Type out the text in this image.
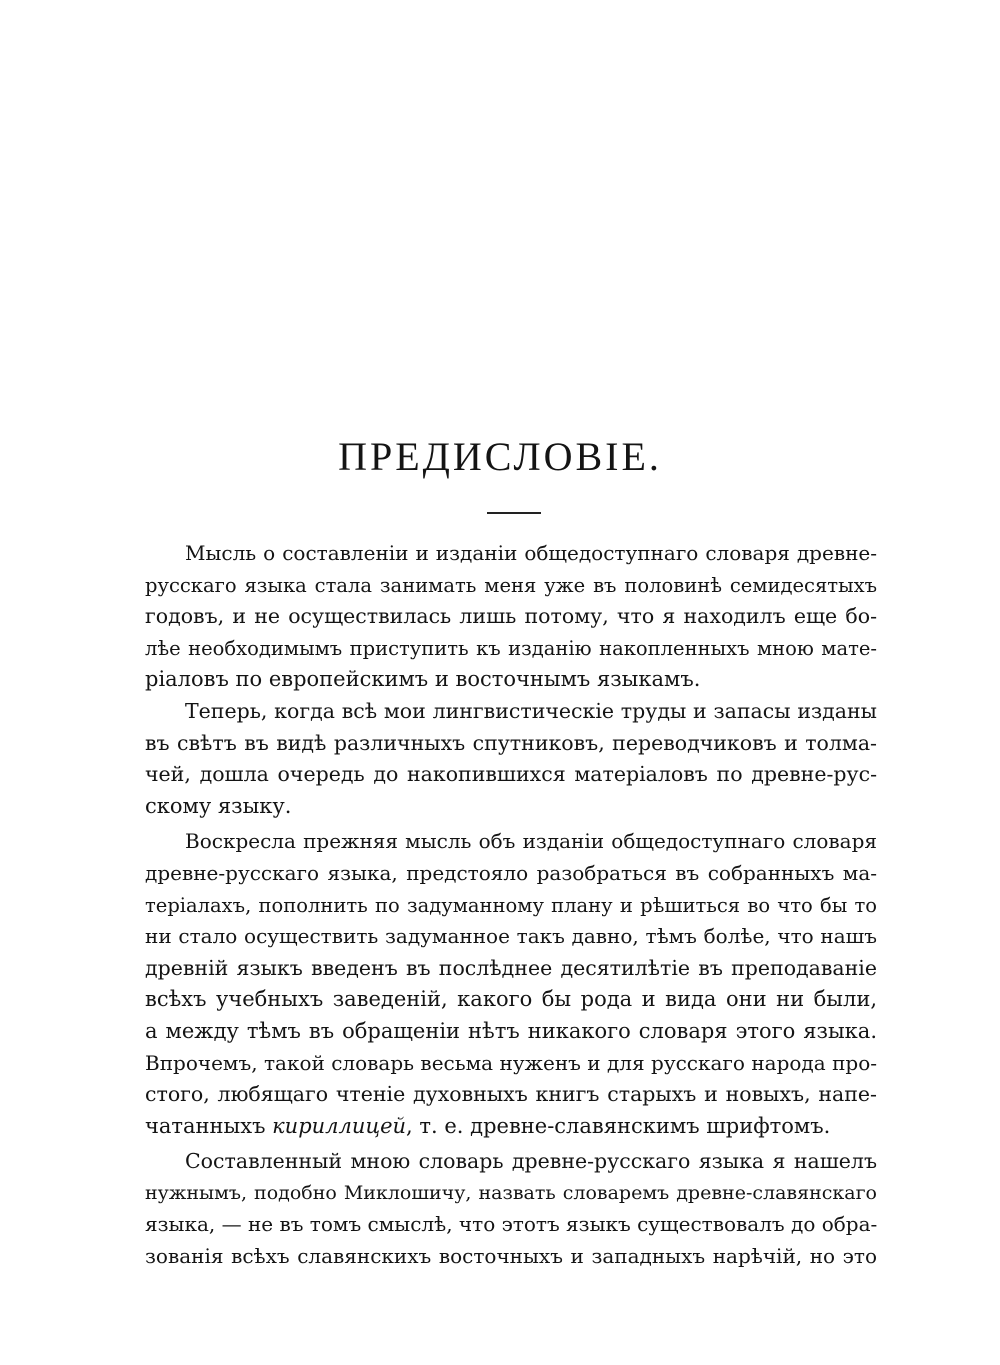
ПРЕДИСЛОВІЕ.
Мысль о составленіи и изданіи общедоступнаго словаря древне-
русскаго языка стала занимать меня уже въ половинѣ семидесятыхъ
годовъ, и не осуществилась лишь потому, что я находилъ еще бо-
лѣе необходимымъ приступить къ изданію накопленныхъ мною мате-
ріаловъ по европейскимъ и восточнымъ языкамъ.
Теперь, когда всѣ мои лингвистическіе труды и запасы изданы
въ свѣтъ въ видѣ различныхъ спутниковъ, переводчиковъ и толма-
чей, дошла очередь до накопившихся матеріаловъ по древне-рус-
скому языку.
Воскресла прежняя мысль объ изданіи общедоступнаго словаря
древне-русскаго языка, предстояло разобраться въ собранныхъ ма-
теріалахъ, пополнить по задуманному плану и рѣшиться во что бы то
ни стало осуществить задуманное такъ давно, тѣмъ болѣе, что нашъ
древній языкъ введенъ въ послѣднее десятилѣтіе въ преподаваніе
всѣхъ учебныхъ заведеній, какого бы рода и вида они ни были,
а между тѣмъ въ обращеніи нѣтъ никакого словаря этого языка.
Впрочемъ, такой словарь весьма нуженъ и для русскаго народа про-
стого, любящаго чтеніе духовныхъ книгъ старыхъ и новыхъ, напе-
чатанныхъ кириллицей, т. е. древне-славянскимъ шрифтомъ.
Составленный мною словарь древне-русскаго языка я нашелъ
нужнымъ, подобно Миклошичу, назвать словаремъ древне-славянскаго
языка, — не въ томъ смыслѣ, что этотъ языкъ существовалъ до обра-
зованія всѣхъ славянскихъ восточныхъ и западныхъ нарѣчій, но это
